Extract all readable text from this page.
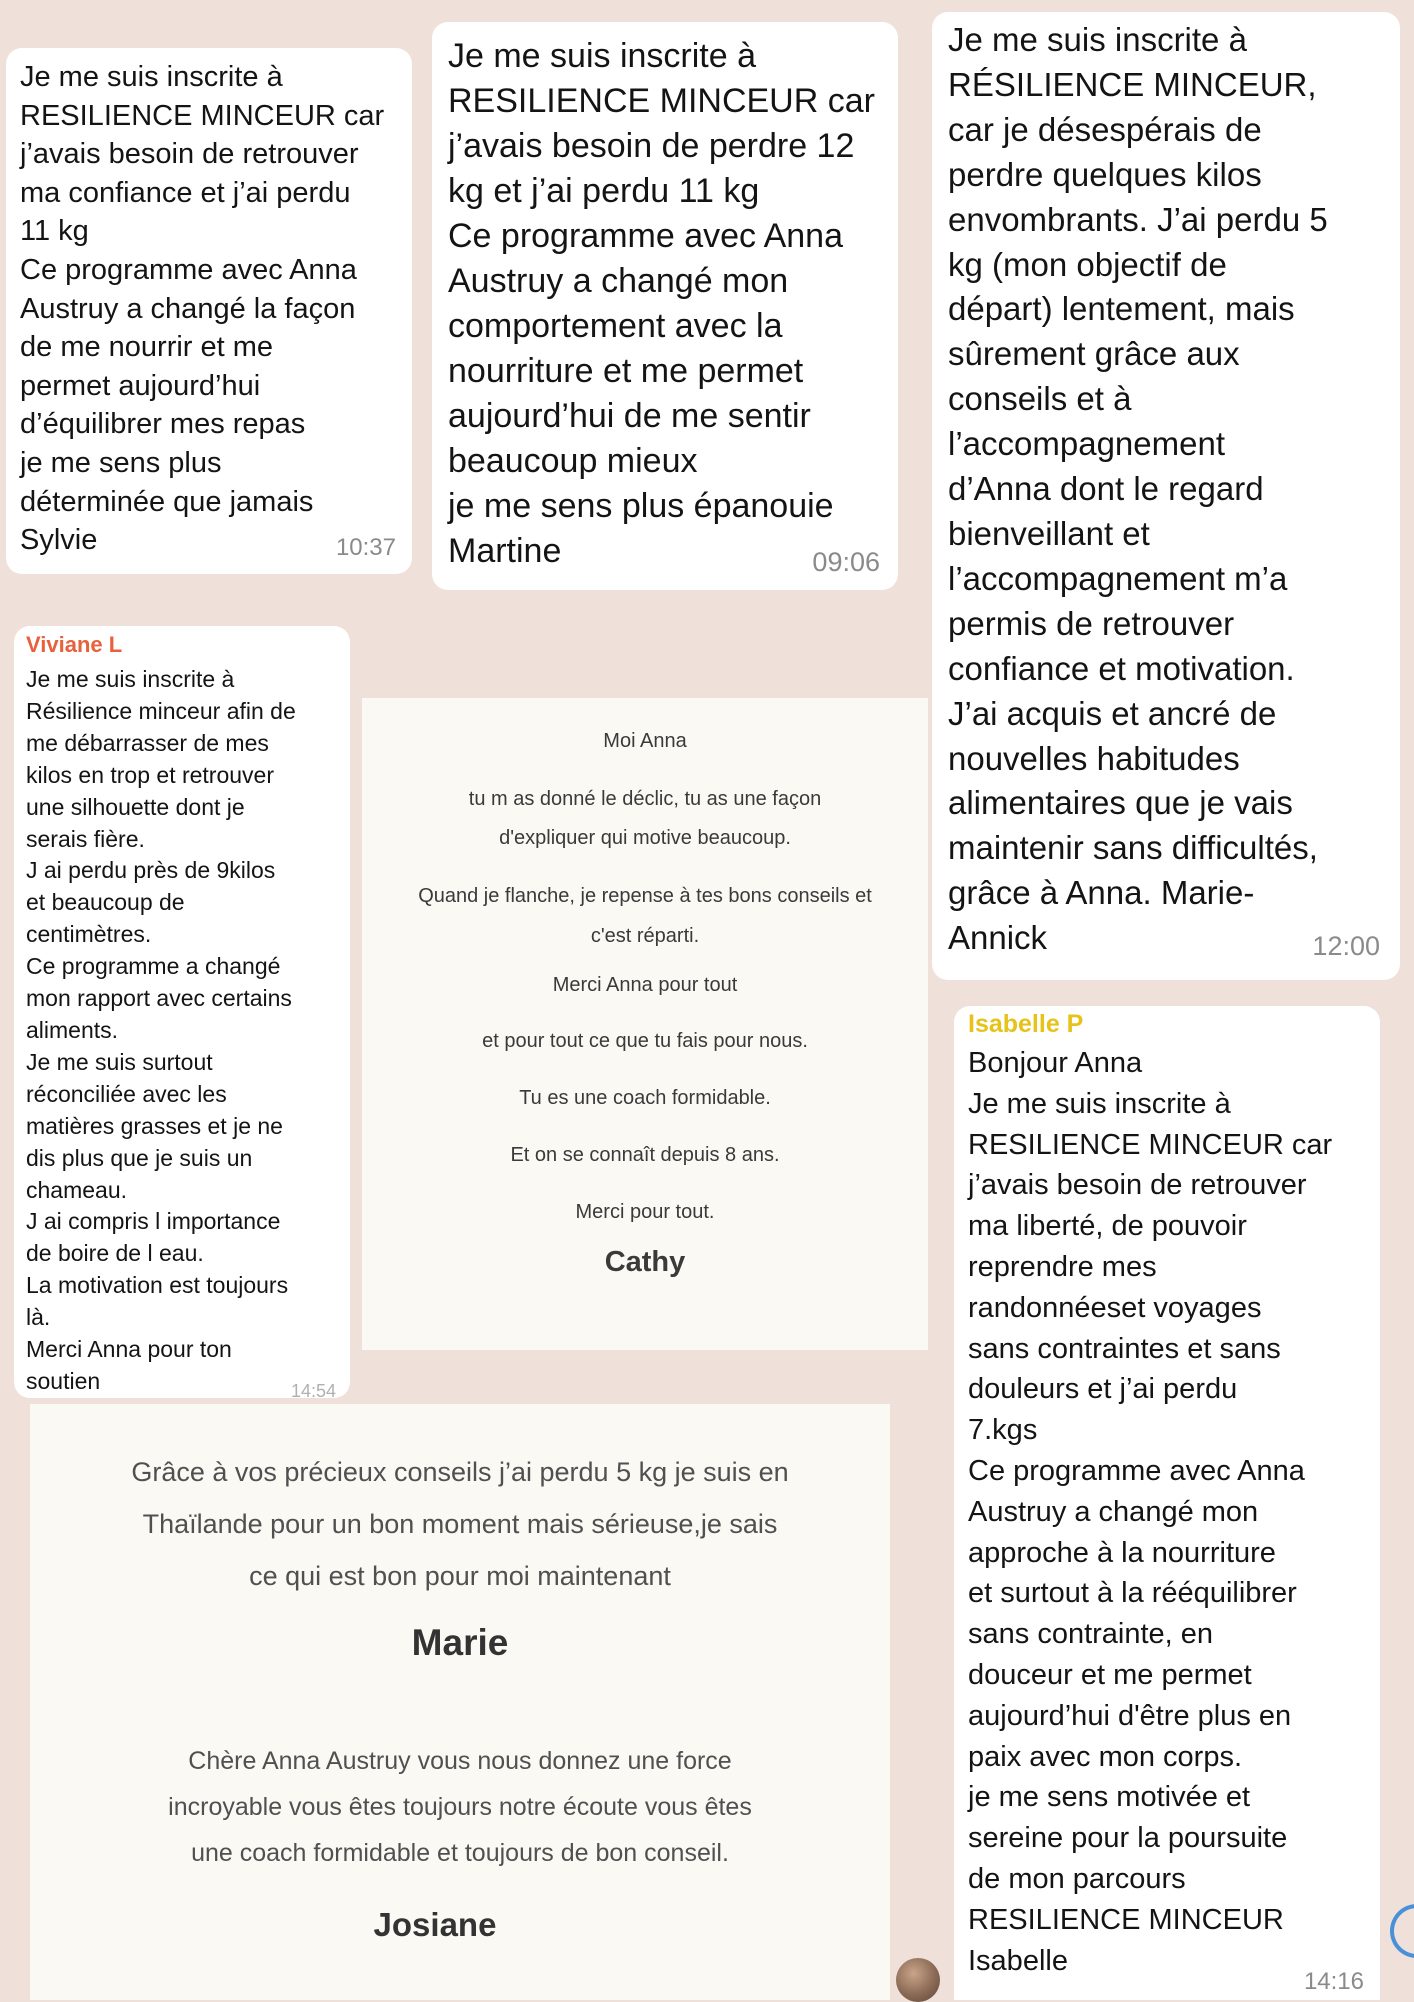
Je me suis inscrite à
RESILIENCE MINCEUR car
j’avais besoin de retrouver
ma confiance et j’ai perdu
11 kg
Ce programme avec Anna
Austruy a changé la façon
de me nourrir et me
permet aujourd’hui
d’équilibrer mes repas
je me sens plus
déterminée que jamais
Sylvie	10:37

Je me suis inscrite à
RESILIENCE MINCEUR car
j’avais besoin de perdre 12
kg et j’ai perdu 11 kg
Ce programme avec Anna
Austruy a changé mon
comportement avec la
nourriture et me permet
aujourd’hui de me sentir
beaucoup mieux
je me sens plus épanouie
Martine	09:06

Je me suis inscrite à
RÉSILIENCE MINCEUR,
car je désespérais de
perdre quelques kilos
envombrants. J’ai perdu 5
kg (mon objectif de
départ) lentement, mais
sûrement grâce aux
conseils et à
l’accompagnement
d’Anna dont le regard
bienveillant et
l’accompagnement m’a
permis de retrouver
confiance et motivation.
J’ai acquis et ancré de
nouvelles habitudes
alimentaires que je vais
maintenir sans difficultés,
grâce à Anna. Marie-
Annick	12:00

Viviane L

Je me suis inscrite à
Résilience minceur afin de
me débarrasser de mes
kilos en trop et retrouver
une silhouette dont je
serais fière.
J ai perdu près de 9kilos
et beaucoup de
centimètres.
Ce programme a changé
mon rapport avec certains
aliments.
Je me suis surtout
réconciliée avec les
matières grasses et je ne
dis plus que je suis un
chameau.
J ai compris l importance
de boire de l eau.
La motivation est toujours
là.
Merci Anna pour ton
soutien	14:54

Moi Anna

tu m as donné le déclic, tu as une façon

d'expliquer qui motive beaucoup.

Quand je flanche, je repense à tes bons conseils et

c'est réparti.

Merci Anna pour tout

et pour tout ce que tu fais pour nous.

Tu es une coach formidable.

Et on se connaît depuis 8 ans.

Merci pour tout.

Cathy

Grâce à vos précieux conseils j’ai perdu 5 kg je suis en

Thaïlande pour un bon moment mais sérieuse,je sais

ce qui est bon pour moi maintenant

Marie

Chère Anna Austruy vous nous donnez une force

incroyable vous êtes toujours notre écoute vous êtes

une coach formidable et toujours de bon conseil.

Josiane

Isabelle P

Bonjour Anna
Je me suis inscrite à
RESILIENCE MINCEUR car
j’avais besoin de retrouver
ma liberté, de pouvoir
reprendre mes
randonnéeset voyages
sans contraintes et sans
douleurs et j’ai perdu
7.kgs
Ce programme avec Anna
Austruy a changé mon
approche à la nourriture
et surtout à la rééquilibrer
sans contrainte, en
douceur et me permet
aujourd’hui d'être plus en
paix avec mon corps.
je me sens motivée et
sereine pour la poursuite
de mon parcours
RESILIENCE MINCEUR
Isabelle

14:16
